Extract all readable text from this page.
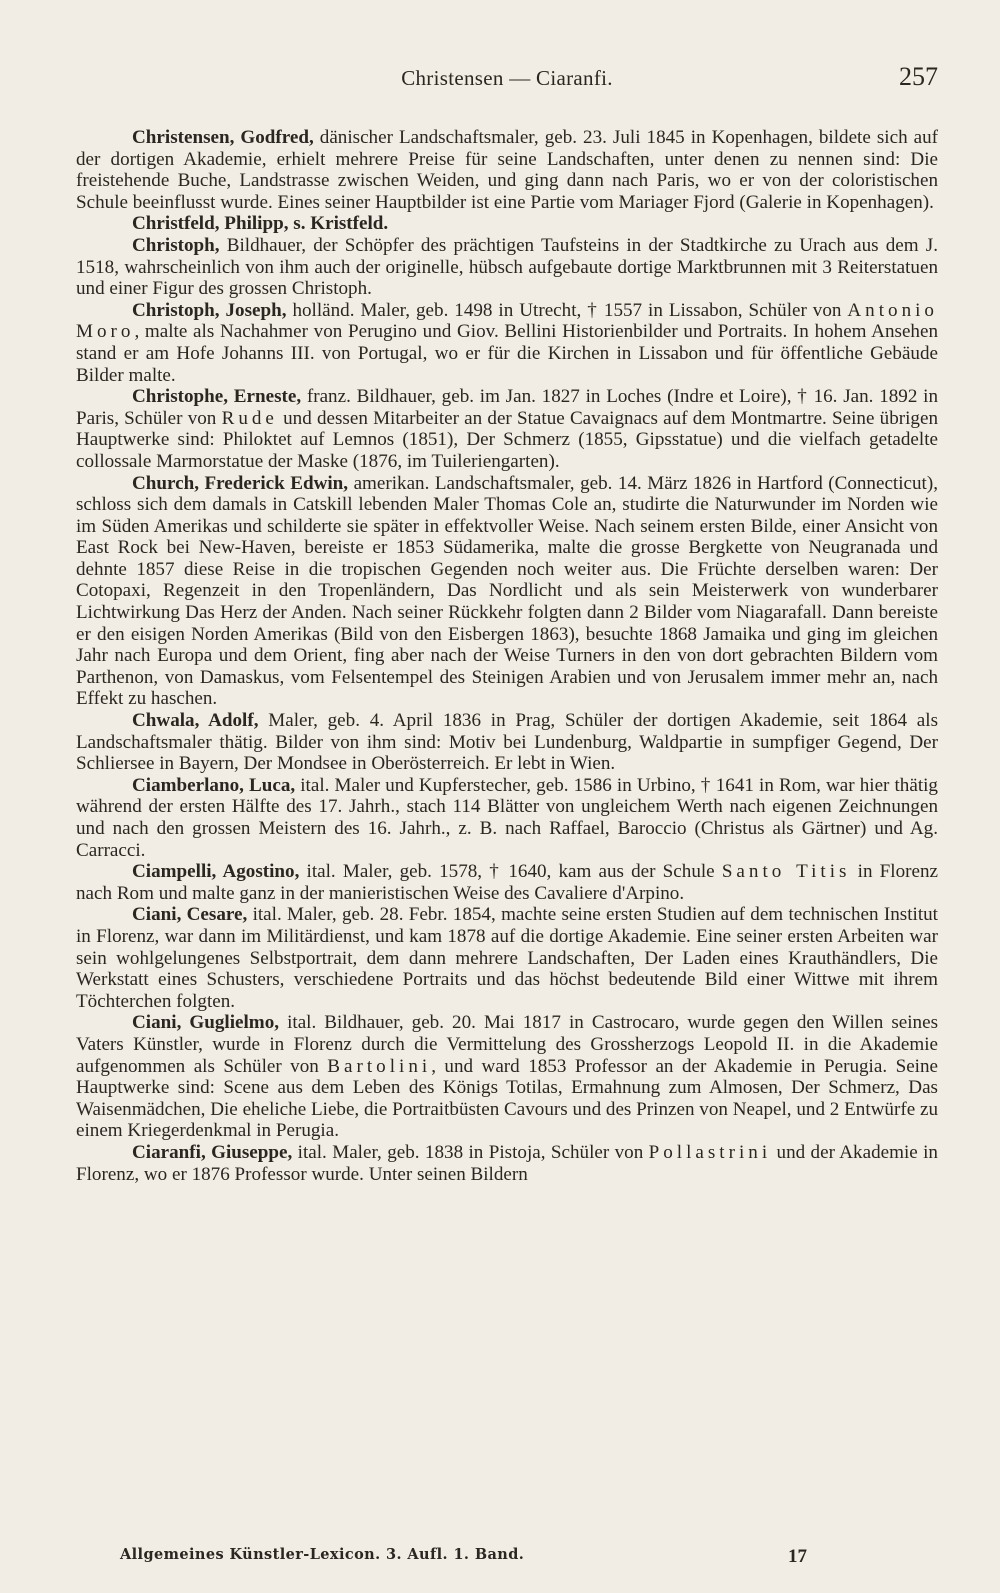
Christensen — Ciaranfi.	257

Christensen, Godfred, dänischer Landschaftsmaler, geb. 23. Juli 1845 in Kopenhagen, bildete sich auf der dortigen Akademie, erhielt mehrere Preise für seine Landschaften, unter denen zu nennen sind: Die freistehende Buche, Landstrasse zwischen Weiden, und ging dann nach Paris, wo er von der coloristischen Schule beeinflusst wurde. Eines seiner Hauptbilder ist eine Partie vom Mariager Fjord (Galerie in Kopenhagen).

Christfeld, Philipp, s. Kristfeld.

Christoph, Bildhauer, der Schöpfer des prächtigen Taufsteins in der Stadtkirche zu Urach aus dem J. 1518, wahrscheinlich von ihm auch der originelle, hübsch aufgebaute dortige Marktbrunnen mit 3 Reiterstatuen und einer Figur des grossen Christoph.

Christoph, Joseph, holländ. Maler, geb. 1498 in Utrecht, † 1557 in Lissabon, Schüler von Antonio Moro, malte als Nachahmer von Perugino und Giov. Bellini Historienbilder und Portraits. In hohem Ansehen stand er am Hofe Johanns III. von Portugal, wo er für die Kirchen in Lissabon und für öffentliche Gebäude Bilder malte.

Christophe, Erneste, franz. Bildhauer, geb. im Jan. 1827 in Loches (Indre et Loire), † 16. Jan. 1892 in Paris, Schüler von Rude und dessen Mitarbeiter an der Statue Cavaignacs auf dem Montmartre. Seine übrigen Hauptwerke sind: Philoktet auf Lemnos (1851), Der Schmerz (1855, Gipsstatue) und die vielfach getadelte collossale Marmorstatue der Maske (1876, im Tuileriengarten).

Church, Frederick Edwin, amerikan. Landschaftsmaler, geb. 14. März 1826 in Hartford (Connecticut), schloss sich dem damals in Catskill lebenden Maler Thomas Cole an, studirte die Naturwunder im Norden wie im Süden Amerikas und schilderte sie später in effektvoller Weise. Nach seinem ersten Bilde, einer Ansicht von East Rock bei New-Haven, bereiste er 1853 Südamerika, malte die grosse Bergkette von Neugranada und dehnte 1857 diese Reise in die tropischen Gegenden noch weiter aus. Die Früchte derselben waren: Der Cotopaxi, Regenzeit in den Tropenländern, Das Nordlicht und als sein Meisterwerk von wunderbarer Lichtwirkung Das Herz der Anden. Nach seiner Rückkehr folgten dann 2 Bilder vom Niagarafall. Dann bereiste er den eisigen Norden Amerikas (Bild von den Eisbergen 1863), besuchte 1868 Jamaika und ging im gleichen Jahr nach Europa und dem Orient, fing aber nach der Weise Turners in den von dort gebrachten Bildern vom Parthenon, von Damaskus, vom Felsentempel des Steinigen Arabien und von Jerusalem immer mehr an, nach Effekt zu haschen.

Chwala, Adolf, Maler, geb. 4. April 1836 in Prag, Schüler der dortigen Akademie, seit 1864 als Landschaftsmaler thätig. Bilder von ihm sind: Motiv bei Lundenburg, Waldpartie in sumpfiger Gegend, Der Schliersee in Bayern, Der Mondsee in Oberösterreich. Er lebt in Wien.

Ciamberlano, Luca, ital. Maler und Kupferstecher, geb. 1586 in Urbino, † 1641 in Rom, war hier thätig während der ersten Hälfte des 17. Jahrh., stach 114 Blätter von ungleichem Werth nach eigenen Zeichnungen und nach den grossen Meistern des 16. Jahrh., z. B. nach Raffael, Baroccio (Christus als Gärtner) und Ag. Carracci.

Ciampelli, Agostino, ital. Maler, geb. 1578, † 1640, kam aus der Schule Santo Titis in Florenz nach Rom und malte ganz in der manieristischen Weise des Cavaliere d'Arpino.

Ciani, Cesare, ital. Maler, geb. 28. Febr. 1854, machte seine ersten Studien auf dem technischen Institut in Florenz, war dann im Militärdienst, und kam 1878 auf die dortige Akademie. Eine seiner ersten Arbeiten war sein wohlgelungenes Selbstportrait, dem dann mehrere Landschaften, Der Laden eines Krauthändlers, Die Werkstatt eines Schusters, verschiedene Portraits und das höchst bedeutende Bild einer Wittwe mit ihrem Töchterchen folgten.

Ciani, Guglielmo, ital. Bildhauer, geb. 20. Mai 1817 in Castrocaro, wurde gegen den Willen seines Vaters Künstler, wurde in Florenz durch die Vermittelung des Grossherzogs Leopold II. in die Akademie aufgenommen als Schüler von Bartolini, und ward 1853 Professor an der Akademie in Perugia. Seine Hauptwerke sind: Scene aus dem Leben des Königs Totilas, Ermahnung zum Almosen, Der Schmerz, Das Waisenmädchen, Die eheliche Liebe, die Portraitbüsten Cavours und des Prinzen von Neapel, und 2 Entwürfe zu einem Kriegerdenkmal in Perugia.

Ciaranfi, Giuseppe, ital. Maler, geb. 1838 in Pistoja, Schüler von Pollastrini und der Akademie in Florenz, wo er 1876 Professor wurde. Unter seinen Bildern

Allgemeines Künstler-Lexicon. 3. Aufl. 1. Band.	17
